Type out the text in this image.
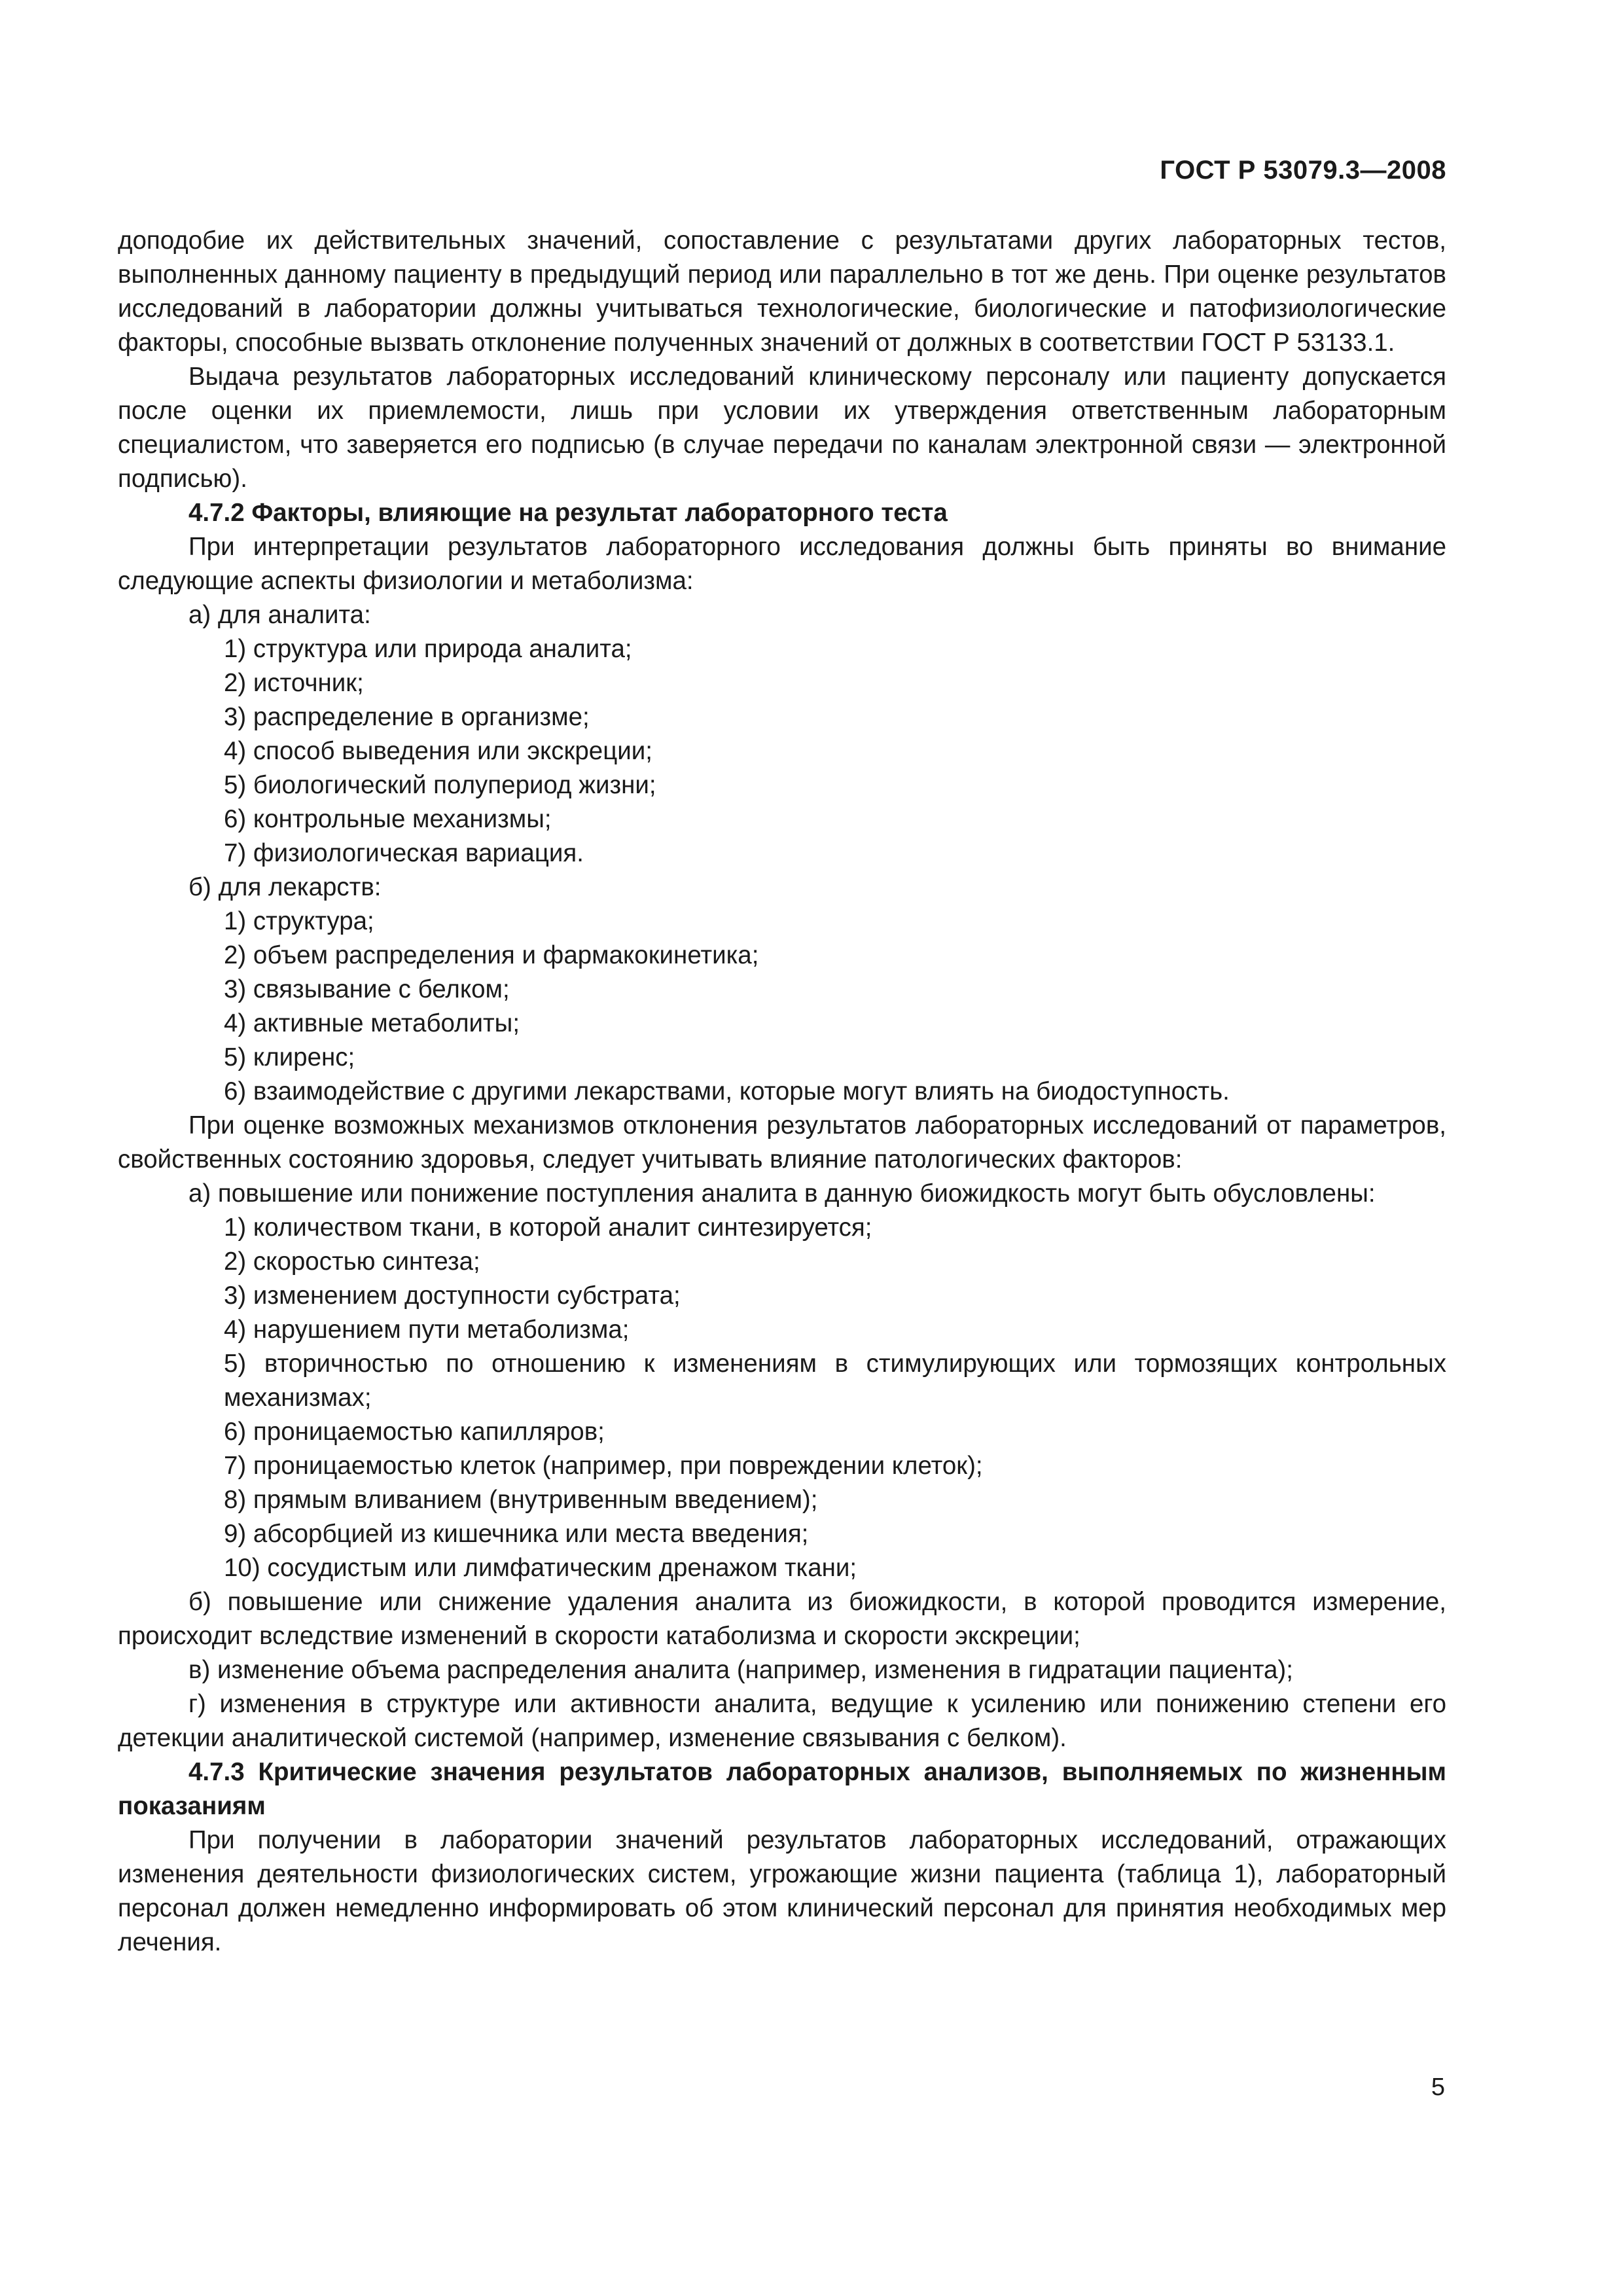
ГОСТ Р 53079.3—2008

доподобие их действительных значений, сопоставление с результатами других лабораторных тестов, выполненных данному пациенту в предыдущий период или параллельно в тот же день. При оценке результатов исследований в лаборатории должны учитываться технологические, биологические и патофизиологические факторы, способные вызвать отклонение полученных значений от должных в соответствии ГОСТ Р 53133.1.

Выдача результатов лабораторных исследований клиническому персоналу или пациенту допускается после оценки их приемлемости, лишь при условии их утверждения ответственным лабораторным специалистом, что заверяется его подписью (в случае передачи по каналам электронной связи — электронной подписью).

4.7.2 Факторы, влияющие на результат лабораторного теста

При интерпретации результатов лабораторного исследования должны быть приняты во внимание следующие аспекты физиологии и метаболизма:

а) для аналита:

1) структура или природа аналита;

2) источник;

3) распределение в организме;

4) способ выведения или экскреции;

5) биологический полупериод жизни;

6) контрольные механизмы;

7) физиологическая вариация.

б) для лекарств:

1) структура;

2) объем распределения и фармакокинетика;

3) связывание с белком;

4) активные метаболиты;

5) клиренс;

6) взаимодействие с другими лекарствами, которые могут влиять на биодоступность.

При оценке возможных механизмов отклонения результатов лабораторных исследований от параметров, свойственных состоянию здоровья, следует учитывать влияние патологических факторов:

а) повышение или понижение поступления аналита в данную биожидкость могут быть обусловлены:

1) количеством ткани, в которой аналит синтезируется;

2) скоростью синтеза;

3) изменением доступности субстрата;

4) нарушением пути метаболизма;

5) вторичностью по отношению к изменениям в стимулирующих или тормозящих контрольных механизмах;

6) проницаемостью капилляров;

7) проницаемостью клеток (например, при повреждении клеток);

8) прямым вливанием (внутривенным введением);

9) абсорбцией из кишечника или места введения;

10) сосудистым или лимфатическим дренажом ткани;

б) повышение или снижение удаления аналита из биожидкости, в которой проводится измерение, происходит вследствие изменений в скорости катаболизма и скорости экскреции;

в) изменение объема распределения аналита (например, изменения в гидратации пациента);

г) изменения в структуре или активности аналита, ведущие к усилению или понижению степени его детекции аналитической системой (например, изменение связывания с белком).

4.7.3 Критические значения результатов лабораторных анализов, выполняемых по жизненным показаниям

При получении в лаборатории значений результатов лабораторных исследований, отражающих изменения деятельности физиологических систем, угрожающие жизни пациента (таблица 1), лабораторный персонал должен немедленно информировать об этом клинический персонал для принятия необходимых мер лечения.

5
